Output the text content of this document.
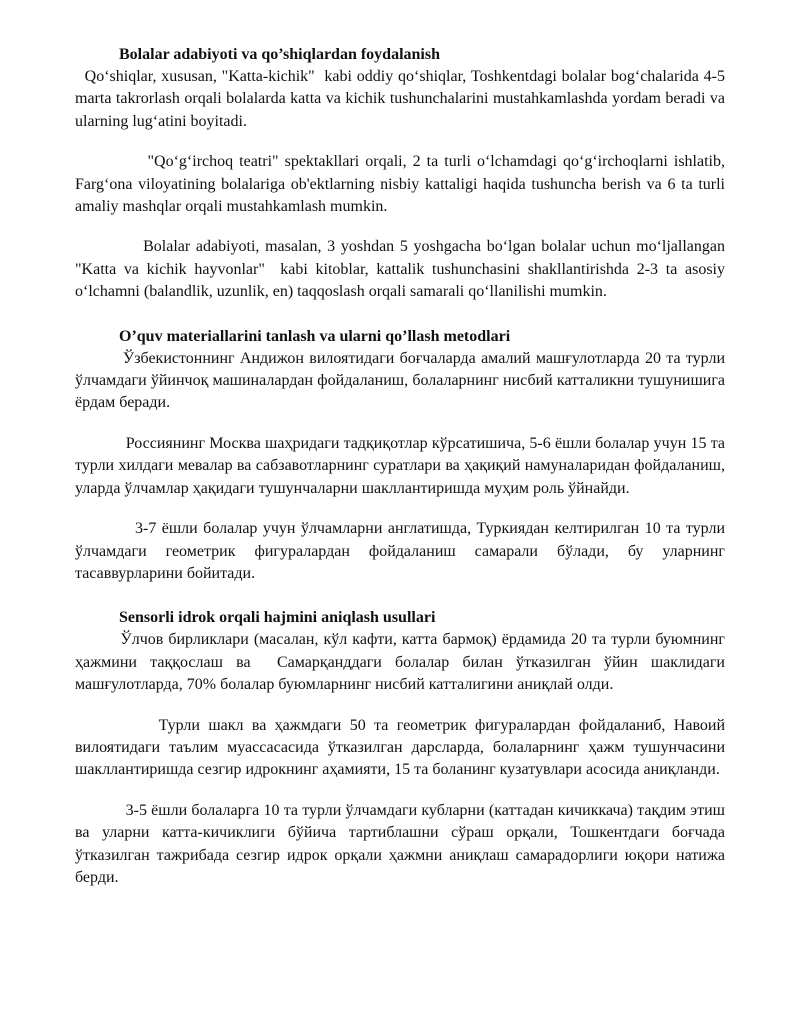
Bolalar adabiyoti va qo’shiqlardan foydalanish

Qo‘shiqlar, xususan, "Katta-kichik"  kabi oddiy qo‘shiqlar, Toshkentdagi bolalar bog‘chalarida 4-5 marta takrorlash orqali bolalarda katta va kichik tushunchalarini mustahkamlashda yordam beradi va ularning lug‘atini boyitadi.

"Qo‘g‘irchoq teatri" spektakllari orqali, 2 ta turli o‘lchamdagi qo‘g‘irchoqlarni ishlatib, Farg‘ona viloyatining bolalariga ob'ektlarning nisbiy kattaligi haqida tushuncha berish va 6 ta turli amaliy mashqlar orqali mustahkamlash mumkin.

Bolalar adabiyoti, masalan, 3 yoshdan 5 yoshgacha bo‘lgan bolalar uchun mo‘ljallangan "Katta va kichik hayvonlar"  kabi kitoblar, kattalik tushunchasini shakllantirishda 2-3 ta asosiy o‘lchamni (balandlik, uzunlik, en) taqqoslash orqali samarali qo‘llanilishi mumkin.

O’quv materiallarini tanlash va ularni qo’llash metodlari

Ўзбекистоннинг Андижон вилоятидаги боғчаларда амалий машғулотларда 20 та турли ўлчамдаги ўйинчоқ машиналардан фойдаланиш, болаларнинг нисбий катталикни тушунишига ёрдам беради.

Россиянинг Москва шаҳридаги тадқиқотлар кўрсатишича, 5-6 ёшли болалар учун 15 та турли хилдаги мевалар ва сабзавотларнинг суратлари ва ҳақиқий намуналаридан фойдаланиш, уларда ўлчамлар ҳақидаги тушунчаларни шакллантиришда муҳим роль ўйнайди.

3-7 ёшли болалар учун ўлчамларни англатишда, Туркиядан келтирилган 10 та турли ўлчамдаги геометрик фигуралардан фойдаланиш самарали бўлади, бу уларнинг тасаввурларини бойитади.

Sensorli idrok orqali hajmini aniqlash usullari

Ўлчов бирликлари (масалан, кўл кафти, катта бармоқ) ёрдамида 20 та турли буюмнинг ҳажмини таққослаш ва  Самарқанддаги болалар билан ўтказилган ўйин шаклидаги машғулотларда, 70% болалар буюмларнинг нисбий катталигини аниқлай олди.

Турли шакл ва ҳажмдаги 50 та геометрик фигуралардан фойдаланиб, Навоий вилоятидаги таълим муассасасида ўтказилган дарсларда, болаларнинг ҳажм тушунчасини шакллантиришда сезгир идрокнинг аҳамияти, 15 та боланинг кузатувлари асосида аниқланди.

3-5 ёшли болаларга 10 та турли ўлчамдаги кубларни (каттадан кичиккача) тақдим этиш ва уларни катта-кичиклиги бўйича тартиблашни сўраш орқали, Тошкентдаги боғчада ўтказилган тажрибада сезгир идрок орқали ҳажмни аниқлаш самарадорлиги юқори натижа берди.
